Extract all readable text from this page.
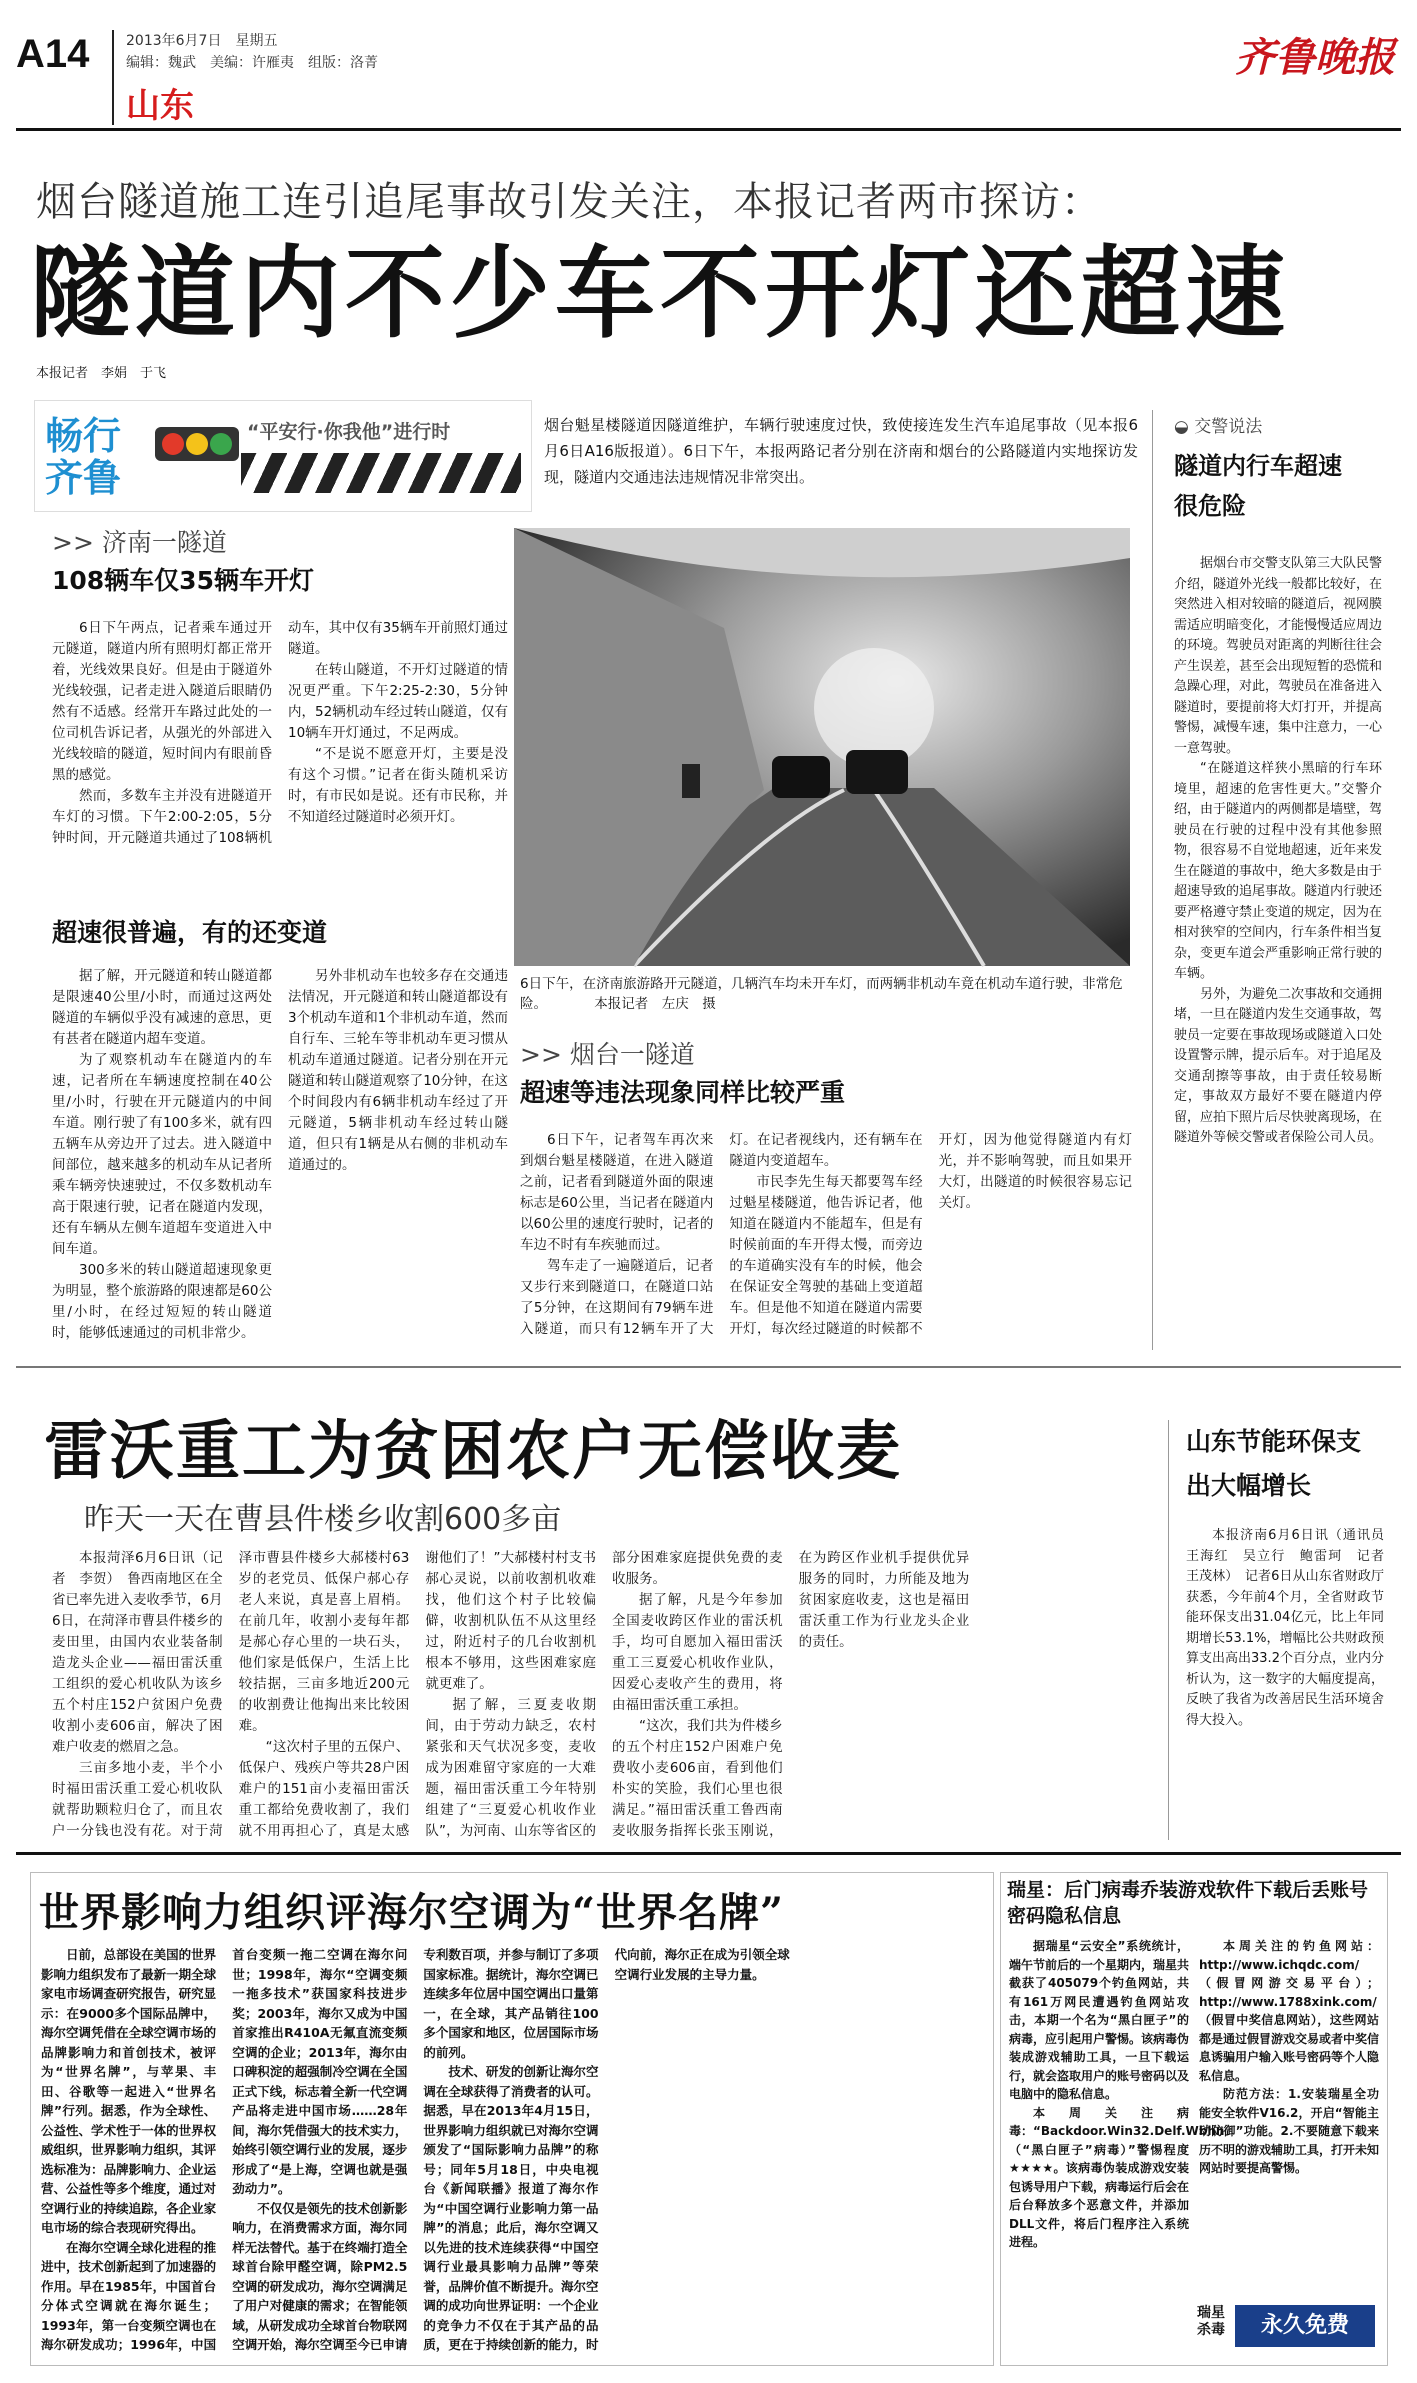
A14	2013年6月7日　星期五
编辑：魏武　美编：许雁夷　组版：洛菁
山东
齐鲁晚报
烟台隧道施工连引追尾事故引发关注，本报记者两市探访：
隧道内不少车不开灯还超速
本报记者　李娟　于飞
畅行齐鲁
“平安行·你我他”进行时	烟台魁星楼隧道因隧道维护，车辆行驶速度过快，致使接连发生汽车追尾事故（见本报6月6日A16版报道）。6日下午，本报两路记者分别在济南和烟台的公路隧道内实地探访发现，隧道内交通违法违规情况非常突出。
>> 济南一隧道
108辆车仅35辆车开灯

6日下午两点，记者乘车通过开元隧道，隧道内所有照明灯都正常开着，光线效果良好。但是由于隧道外光线较强，记者走进入隧道后眼睛仍然有不适感。经常开车路过此处的一位司机告诉记者，从强光的外部进入光线较暗的隧道，短时间内有眼前昏黑的感觉。

然而，多数车主并没有进隧道开车灯的习惯。下午2:00-2:05，5分钟时间，开元隧道共通过了108辆机动车，其中仅有35辆车开前照灯通过隧道。

在转山隧道，不开灯过隧道的情况更严重。下午2:25-2:30，5分钟内，52辆机动车经过转山隧道，仅有10辆车开灯通过，不足两成。

“不是说不愿意开灯，主要是没有这个习惯。”记者在街头随机采访时，有市民如是说。还有市民称，并不知道经过隧道时必须开灯。

超速很普遍，有的还变道

据了解，开元隧道和转山隧道都是限速40公里/小时，而通过这两处隧道的车辆似乎没有减速的意思，更有甚者在隧道内超车变道。

为了观察机动车在隧道内的车速，记者所在车辆速度控制在40公里/小时，行驶在开元隧道内的中间车道。刚行驶了有100多米，就有四五辆车从旁边开了过去。进入隧道中间部位，越来越多的机动车从记者所乘车辆旁快速驶过，不仅多数机动车高于限速行驶，记者在隧道内发现，还有车辆从左侧车道超车变道进入中间车道。

300多米的转山隧道超速现象更为明显，整个旅游路的限速都是60公里/小时，在经过短短的转山隧道时，能够低速通过的司机非常少。

另外非机动车也较多存在交通违法情况，开元隧道和转山隧道都设有3个机动车道和1个非机动车道，然而自行车、三轮车等非机动车更习惯从机动车道通过隧道。记者分别在开元隧道和转山隧道观察了10分钟，在这个时间段内有6辆非机动车经过了开元隧道，5辆非机动车经过转山隧道，但只有1辆是从右侧的非机动车道通过的。

6日下午，在济南旅游路开元隧道，几辆汽车均未开车灯，而两辆非机动车竟在机动车道行驶，非常危险。　　　　本报记者　左庆　摄
>> 烟台一隧道
超速等违法现象同样比较严重

6日下午，记者驾车再次来到烟台魁星楼隧道，在进入隧道之前，记者看到隧道外面的限速标志是60公里，当记者在隧道内以60公里的速度行驶时，记者的车边不时有车疾驰而过。

驾车走了一遍隧道后，记者又步行来到隧道口，在隧道口站了5分钟，在这期间有79辆车进入隧道，而只有12辆车开了大灯。在记者视线内，还有辆车在隧道内变道超车。

市民李先生每天都要驾车经过魁星楼隧道，他告诉记者，他知道在隧道内不能超车，但是有时候前面的车开得太慢，而旁边的车道确实没有车的时候，他会在保证安全驾驶的基础上变道超车。但是他不知道在隧道内需要开灯，每次经过隧道的时候都不开灯，因为他觉得隧道内有灯光，并不影响驾驶，而且如果开大灯，出隧道的时候很容易忘记关灯。

◒ 交警说法
隧道内行车超速很危险

据烟台市交警支队第三大队民警介绍，隧道外光线一般都比较好，在突然进入相对较暗的隧道后，视网膜需适应明暗变化，才能慢慢适应周边的环境。驾驶员对距离的判断往往会产生误差，甚至会出现短暂的恐慌和急躁心理，对此，驾驶员在准备进入隧道时，要提前将大灯打开，并提高警惕，减慢车速，集中注意力，一心一意驾驶。

“在隧道这样狭小黑暗的行车环境里，超速的危害性更大。”交警介绍，由于隧道内的两侧都是墙壁，驾驶员在行驶的过程中没有其他参照物，很容易不自觉地超速，近年来发生在隧道的事故中，绝大多数是由于超速导致的追尾事故。隧道内行驶还要严格遵守禁止变道的规定，因为在相对狭窄的空间内，行车条件相当复杂，变更车道会严重影响正常行驶的车辆。

另外，为避免二次事故和交通拥堵，一旦在隧道内发生交通事故，驾驶员一定要在事故现场或隧道入口处设置警示牌，提示后车。对于追尾及交通刮擦等事故，由于责任较易断定，事故双方最好不要在隧道内停留，应拍下照片后尽快驶离现场，在隧道外等候交警或者保险公司人员。

雷沃重工为贫困农户无偿收麦
昨天一天在曹县件楼乡收割600多亩

本报菏泽6月6日讯（记者　李贺）　鲁西南地区在全省已率先进入麦收季节，6月6日，在菏泽市曹县件楼乡的麦田里，由国内农业装备制造龙头企业——福田雷沃重工组织的爱心机收队为该乡五个村庄152户贫困户免费收割小麦606亩，解决了困难户收麦的燃眉之急。

三亩多地小麦，半个小时福田雷沃重工爱心机收队就帮助颗粒归仓了，而且农户一分钱也没有花。对于菏泽市曹县件楼乡大郝楼村63岁的老党员、低保户郝心存老人来说，真是喜上眉梢。在前几年，收割小麦每年都是郝心存心里的一块石头，他们家是低保户，生活上比较拮据，三亩多地近200元的收割费让他掏出来比较困难。

“这次村子里的五保户、低保户、残疾户等共28户困难户的151亩小麦福田雷沃重工都给免费收割了，我们就不用再担心了，真是太感谢他们了！”大郝楼村村支书郝心灵说，以前收割机收难找，他们这个村子比较偏僻，收割机队伍不从这里经过，附近村子的几台收割机根本不够用，这些困难家庭就更难了。

据了解，三夏麦收期间，由于劳动力缺乏，农村紧张和天气状况多变，麦收成为困难留守家庭的一大难题，福田雷沃重工今年特别组建了“三夏爱心机收作业队”，为河南、山东等省区的部分困难家庭提供免费的麦收服务。

据了解，凡是今年参加全国麦收跨区作业的雷沃机手，均可自愿加入福田雷沃重工三夏爱心机收作业队，因爱心麦收产生的费用，将由福田雷沃重工承担。

“这次，我们共为件楼乡的五个村庄152户困难户免费收小麦606亩，看到他们朴实的笑脸，我们心里也很满足。”福田雷沃重工鲁西南麦收服务指挥长张玉刚说，在为跨区作业机手提供优异服务的同时，力所能及地为贫困家庭收麦，这也是福田雷沃重工作为行业龙头企业的责任。

山东节能环保支出大幅增长

本报济南6月6日讯（通讯员　王海红　吴立行　鲍雷珂　记者　王茂林）　记者6日从山东省财政厅获悉，今年前4个月，全省财政节能环保支出31.04亿元，比上年同期增长53.1%，增幅比公共财政预算支出高出33.2个百分点，业内分析认为，这一数字的大幅度提高，反映了我省为改善居民生活环境舍得大投入。

世界影响力组织评海尔空调为“世界名牌”

日前，总部设在美国的世界影响力组织发布了最新一期全球家电市场调查研究报告，研究显示：在9000多个国际品牌中，海尔空调凭借在全球空调市场的品牌影响力和首创技术，被评为“世界名牌”，与苹果、丰田、谷歌等一起进入“世界名牌”行列。据悉，作为全球性、公益性、学术性于一体的世界权威组织，世界影响力组织，其评选标准为：品牌影响力、企业运营、公益性等多个维度，通过对空调行业的持续追踪，各企业家电市场的综合表现研究得出。

在海尔空调全球化进程的推进中，技术创新起到了加速器的作用。早在1985年，中国首台分体式空调就在海尔诞生；1993年，第一台变频空调也在海尔研发成功；1996年，中国首台变频一拖二空调在海尔问世；1998年，海尔“空调变频一拖多技术”获国家科技进步奖；2003年，海尔又成为中国首家推出R410A无氟直流变频空调的企业；2013年，海尔由口碑积淀的超强制冷空调在全国正式下线，标志着全新一代空调产品将走进中国市场……28年间，海尔凭借强大的技术实力，始终引领空调行业的发展，逐步形成了“是上海，空调也就是强劲动力”。

不仅仅是领先的技术创新影响力，在消费需求方面，海尔同样无法替代。基于在终端打造全球首台除甲醛空调，除PM2.5空调的研发成功，海尔空调满足了用户对健康的需求；在智能领域，从研发成功全球首台物联网空调开始，海尔空调至今已申请专利数百项，并参与制订了多项国家标准。据统计，海尔空调已连续多年位居中国空调出口量第一，在全球，其产品销往100多个国家和地区，位居国际市场的前列。

技术、研发的创新让海尔空调在全球获得了消费者的认可。据悉，早在2013年4月15日，世界影响力组织就已对海尔空调颁发了“国际影响力品牌”的称号；同年5月18日，中央电视台《新闻联播》报道了海尔作为“中国空调行业影响力第一品牌”的消息；此后，海尔空调又以先进的技术连续获得“中国空调行业最具影响力品牌”等荣誉，品牌价值不断提升。海尔空调的成功向世界证明：一个企业的竞争力不仅在于其产品的品质，更在于持续创新的能力，时代向前，海尔正在成为引领全球空调行业发展的主导力量。

瑞星：后门病毒乔装游戏软件下载后丢账号密码隐私信息

据瑞星“云安全”系统统计，端午节前后的一个星期内，瑞星共截获了405079个钓鱼网站，共有161万网民遭遇钓鱼网站攻击，本期一个名为“黑白匣子”的病毒，应引起用户警惕。该病毒伪装成游戏辅助工具，一旦下载运行，就会盗取用户的账号密码以及电脑中的隐私信息。

本周关注病毒：“Backdoor.Win32.Delf.Wbhn（“黑白匣子”病毒）”警惕程度★★★★。该病毒伪装成游戏安装包诱导用户下载，病毒运行后会在后台释放多个恶意文件，并添加DLL文件，将后门程序注入系统进程。

本周关注的钓鱼网站：http://www.ichqdc.com/（假冒网游交易平台）；http://www.1788xink.com/（假冒中奖信息网站），这些网站都是通过假冒游戏交易或者中奖信息诱骗用户输入账号密码等个人隐私信息。

防范方法：1.安装瑞星全功能安全软件V16.2，开启“智能主动防御”功能。2.不要随意下载来历不明的游戏辅助工具，打开未知网站时要提高警惕。

瑞星杀毒	永久免费
